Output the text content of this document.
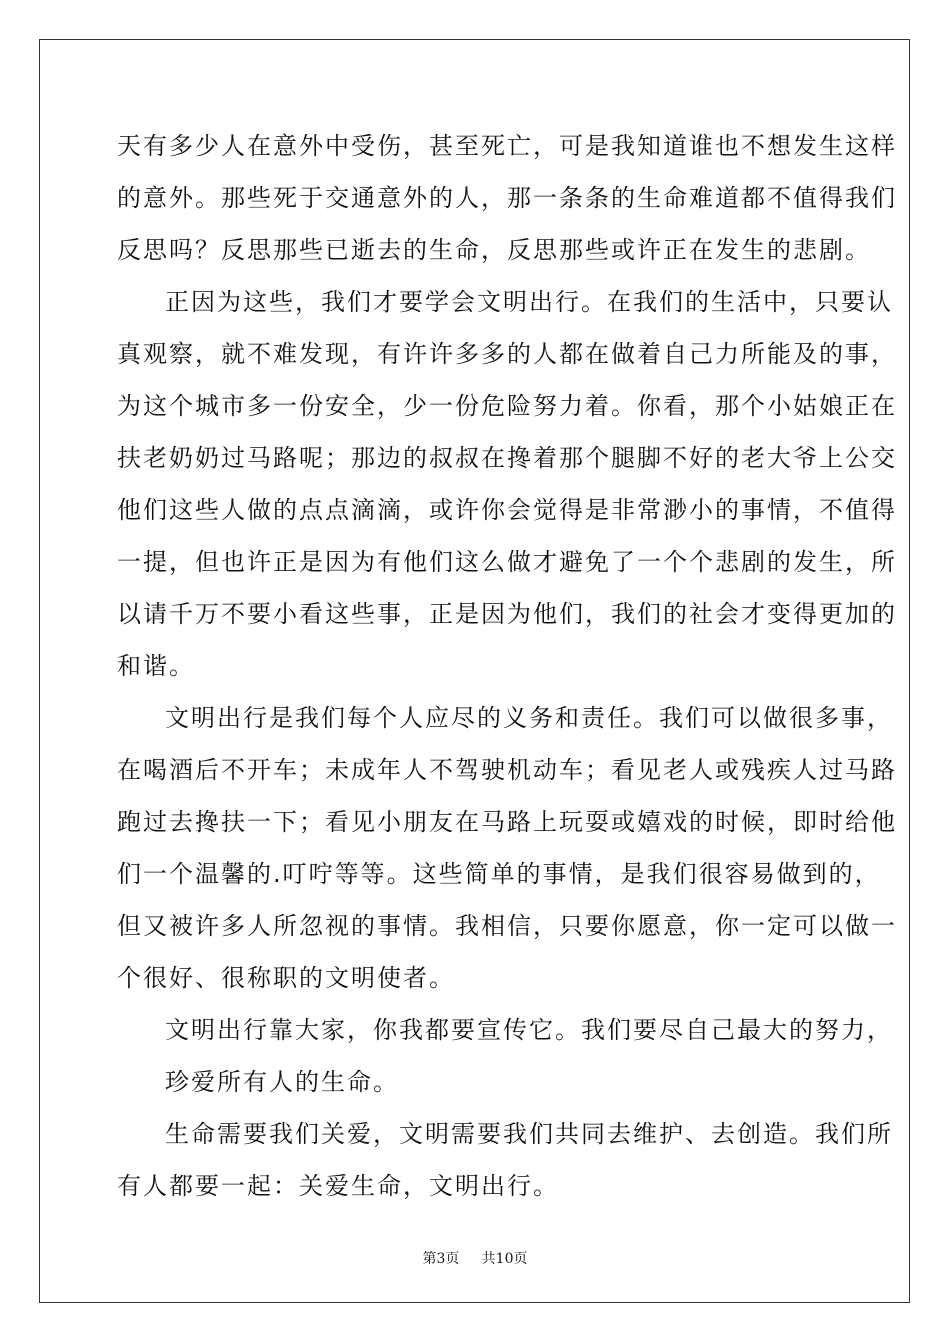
天有多少人在意外中受伤，甚至死亡，可是我知道谁也不想发生这样
的意外。那些死于交通意外的人，那一条条的生命难道都不值得我们
反思吗？反思那些已逝去的生命，反思那些或许正在发生的悲剧。
正因为这些，我们才要学会文明出行。在我们的生活中，只要认
真观察，就不难发现，有许许多多的人都在做着自己力所能及的事，
为这个城市多一份安全，少一份危险努力着。你看，那个小姑娘正在
扶老奶奶过马路呢；那边的叔叔在搀着那个腿脚不好的老大爷上公交
他们这些人做的点点滴滴，或许你会觉得是非常渺小的事情，不值得
一提，但也许正是因为有他们这么做才避免了一个个悲剧的发生，所
以请千万不要小看这些事，正是因为他们，我们的社会才变得更加的
和谐。
文明出行是我们每个人应尽的义务和责任。我们可以做很多事，
在喝酒后不开车；未成年人不驾驶机动车；看见老人或残疾人过马路
跑过去搀扶一下；看见小朋友在马路上玩耍或嬉戏的时候，即时给他
们一个温馨的.叮咛等等。这些简单的事情，是我们很容易做到的，
但又被许多人所忽视的事情。我相信，只要你愿意，你一定可以做一
个很好、很称职的文明使者。
文明出行靠大家，你我都要宣传它。我们要尽自己最大的努力，
珍爱所有人的生命。
生命需要我们关爱，文明需要我们共同去维护、去创造。我们所
有人都要一起：关爱生命，文明出行。
第3页 共10页
